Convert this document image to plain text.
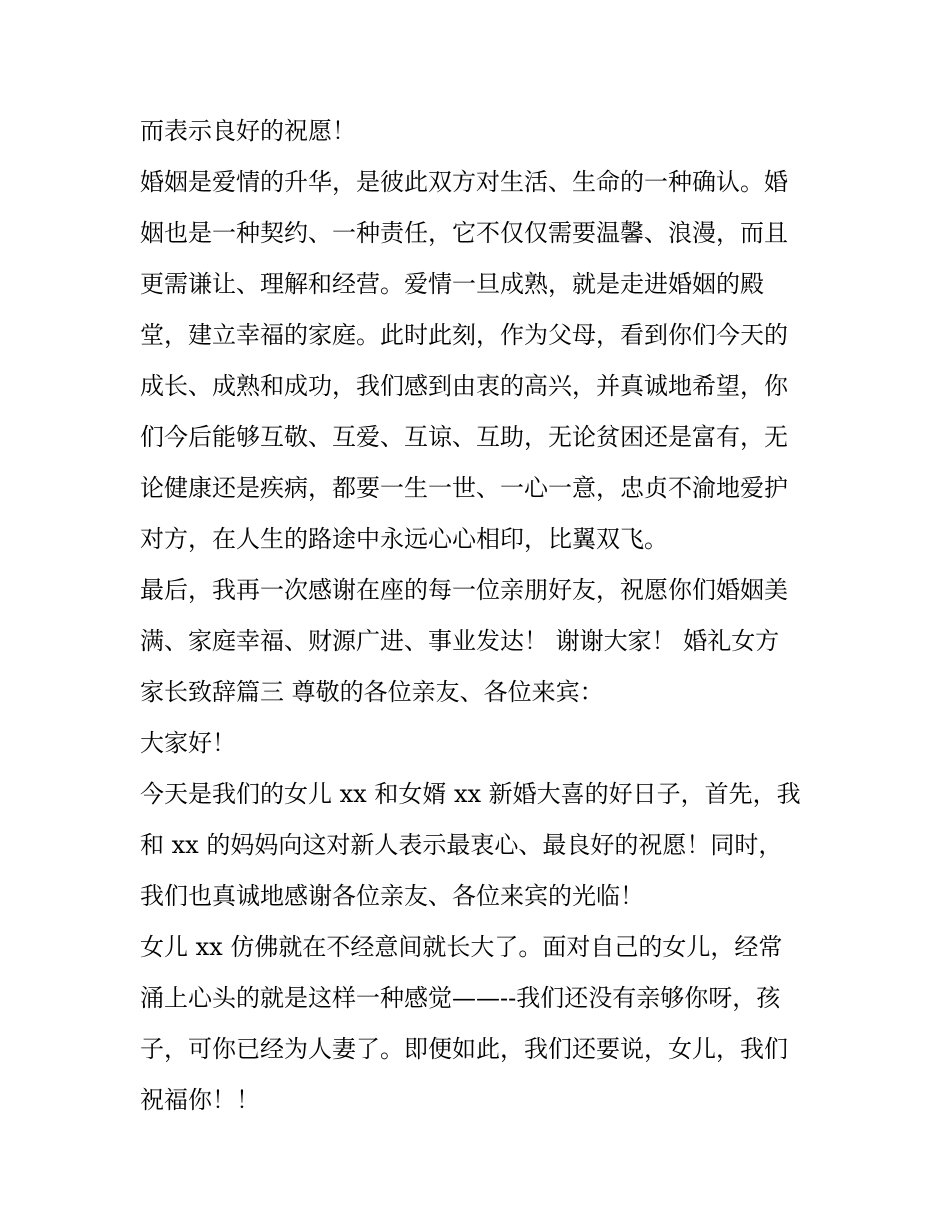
而表示良好的祝愿！
婚姻是爱情的升华，是彼此双方对生活、生命的一种确认。婚
姻也是一种契约、一种责任，它不仅仅需要温馨、浪漫，而且
更需谦让、理解和经营。爱情一旦成熟，就是走进婚姻的殿
堂，建立幸福的家庭。此时此刻，作为父母，看到你们今天的
成长、成熟和成功，我们感到由衷的高兴，并真诚地希望，你
们今后能够互敬、互爱、互谅、互助，无论贫困还是富有，无
论健康还是疾病，都要一生一世、一心一意，忠贞不渝地爱护
对方，在人生的路途中永远心心相印，比翼双飞。
最后，我再一次感谢在座的每一位亲朋好友，祝愿你们婚姻美
满、家庭幸福、财源广进、事业发达！ 谢谢大家！ 婚礼女方
家长致辞篇三 尊敬的各位亲友、各位来宾：
大家好！
今天是我们的女儿 xx 和女婿 xx 新婚大喜的好日子，首先，我
和 xx 的妈妈向这对新人表示最衷心、最良好的祝愿！同时，
我们也真诚地感谢各位亲友、各位来宾的光临！
女儿 xx 仿佛就在不经意间就长大了。面对自己的女儿，经常
涌上心头的就是这样一种感觉——--我们还没有亲够你呀，孩
子，可你已经为人妻了。即便如此，我们还要说，女儿，我们
祝福你！！
